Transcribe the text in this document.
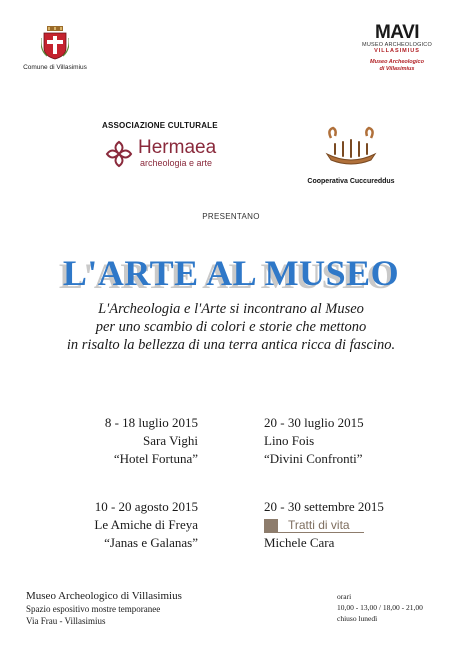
Comune di Villasimius
MAVI
MUSEO ARCHEOLOGICO
VILLASIMIUS
Museo Archeologico
di Villasimius
ASSOCIAZIONE CULTURALE
Hermaea
archeologia e arte
Cooperativa Cuccureddus
PRESENTANO
L'ARTE AL MUSEO
L'Archeologia e l'Arte si incontrano al Museo
per uno scambio di colori e storie che mettono
in risalto la bellezza di una terra antica ricca di fascino.
8 - 18 luglio 2015
Sara Vighi
“Hotel Fortuna”
20 - 30 luglio 2015
Lino Fois
“Divini Confronti”
10 - 20 agosto 2015
Le Amiche di Freya
“Janas e Galanas”
20 - 30 settembre 2015
Tratti di vita
Michele Cara
Museo Archeologico di Villasimius
Spazio espositivo mostre temporanee
Via Frau - Villasimius
orari
10,00 - 13,00 / 18,00 - 21,00
chiuso lunedì
